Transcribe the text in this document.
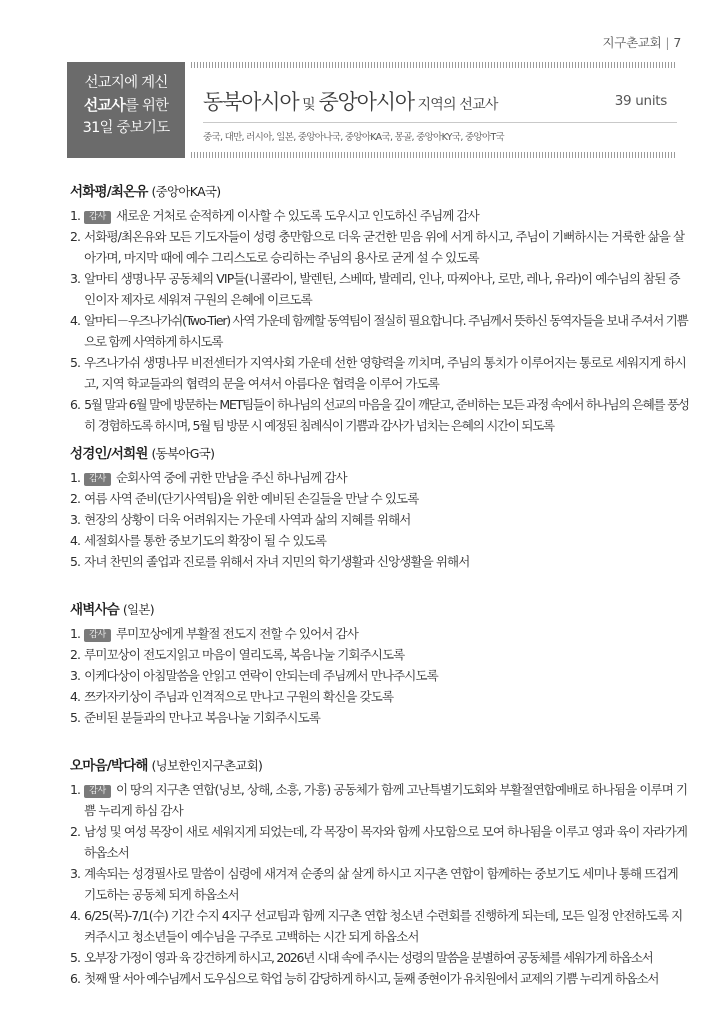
지구촌교회 | 7
선교지에 계신
선교사를 위한
31일 중보기도
동북아시아 및 중앙아시아 지역의 선교사	39 units
중국, 대만, 러시아, 일본, 중앙아나국, 중앙아KA국, 몽골, 중앙아KY국, 중앙아T국
서화평/최온유 (중앙아KA국)
1.	감사 새로운 거처로 순적하게 이사할 수 있도록 도우시고 인도하신 주님께 감사
2. 서화평/최온유와 모든 기도자들이 성령 충만함으로 더욱 굳건한 믿음 위에 서게 하시고, 주님이 기뻐하시는 거룩한 삶을 살아가며, 마지막 때에 예수 그리스도로 승리하는 주님의 용사로 굳게 설 수 있도록
3. 알마티 생명나무 공동체의 VIP들(니콜라이, 발렌틴, 스베따, 발레리, 인나, 따찌아나, 로만, 레나, 유라)이 예수님의 참된 증인이자 제자로 세워져 구원의 은혜에 이르도록
4. 알마티－우즈나가쉬(Two-Tier) 사역 가운데 함께할 동역팀이 절실히 필요합니다. 주님께서 뜻하신 동역자들을 보내 주셔서 기쁨으로 함께 사역하게 하시도록
5. 우즈나가쉬 생명나무 비전센터가 지역사회 가운데 선한 영향력을 끼치며, 주님의 통치가 이루어지는 통로로 세워지게 하시고, 지역 학교들과의 협력의 문을 여셔서 아름다운 협력을 이루어 가도록
6. 5월 말과 6월 말에 방문하는 MET팀들이 하나님의 선교의 마음을 깊이 깨닫고, 준비하는 모든 과정 속에서 하나님의 은혜를 풍성히 경험하도록 하시며, 5월 팀 방문 시 예정된 침례식이 기쁨과 감사가 넘치는 은혜의 시간이 되도록
성경인/서희원 (동북아G국)
1.	감사 순회사역 중에 귀한 만남을 주신 하나님께 감사
2. 여름 사역 준비(단기사역팀)을 위한 예비된 손길들을 만날 수 있도록
3. 현장의 상황이 더욱 어려워지는 가운데 사역과 삶의 지혜를 위해서
4. 세절회사를 통한 중보기도의 확장이 될 수 있도록
5. 자녀 찬민의 졸업과 진로를 위해서 자녀 지민의 학기생활과 신앙생활을 위해서
새벽사슴 (일본)
1.	감사 루미꼬상에게 부활절 전도지 전할 수 있어서 감사
2. 루미꼬상이 전도지읽고 마음이 열리도록, 복음나눌 기회주시도록
3. 이케다상이 아침말씀을 안읽고 연락이 안되는데 주님께서 만나주시도록
4. 쯔카자키상이 주님과 인격적으로 만나고 구원의 확신을 갖도록
5. 준비된 분들과의 만나고 복음나눌 기회주시도록
오마음/박다해 (닝보한인지구촌교회)
1.	감사 이 땅의 지구촌 연합(닝보, 상해, 소흥, 가흥) 공동체가 함께 고난특별기도회와 부활절연합예배로 하나됨을 이루며 기쁨 누리게 하심 감사
2. 남성 및 여성 목장이 새로 세워지게 되었는데, 각 목장이 목자와 함께 사모함으로 모여 하나됨을 이루고 영과 육이 자라가게 하옵소서
3. 계속되는 성경필사로 말씀이 심령에 새겨져 순종의 삶 살게 하시고 지구촌 연합이 함께하는 중보기도 세미나 통해 뜨겁게 기도하는 공동체 되게 하옵소서
4. 6/25(목)-7/1(수) 기간 수지 4지구 선교팀과 함께 지구촌 연합 청소년 수련회를 진행하게 되는데, 모든 일정 안전하도록 지켜주시고 청소년들이 예수님을 구주로 고백하는 시간 되게 하옵소서
5. 오부장 가정이 영과 육 강건하게 하시고, 2026년 시대 속에 주시는 성령의 말씀을 분별하여 공동체를 세워가게 하옵소서
6. 첫째 딸 서아 예수님께서 도우심으로 학업 능히 감당하게 하시고, 둘째 종현이가 유치원에서 교제의 기쁨 누리게 하옵소서
